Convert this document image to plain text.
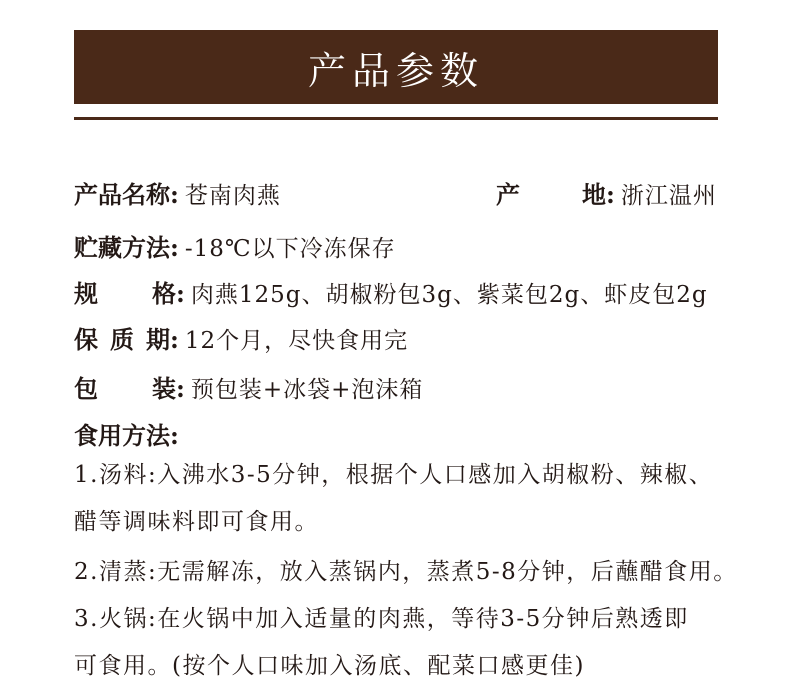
产品参数
产品名称: 苍南肉燕	产地: 浙江温州
贮藏方法: -18℃以下冷冻保存
规格: 肉燕125g、胡椒粉包3g、紫菜包2g、虾皮包2g
保质期: 12个月，尽快食用完
包装: 预包装+冰袋+泡沫箱
食用方法:
1.汤料:入沸水3-5分钟，根据个人口感加入胡椒粉、辣椒、
醋等调味料即可食用。
2.清蒸:无需解冻，放入蒸锅内，蒸煮5-8分钟，后蘸醋食用。
3.火锅:在火锅中加入适量的肉燕，等待3-5分钟后熟透即
可食用。(按个人口味加入汤底、配菜口感更佳)
